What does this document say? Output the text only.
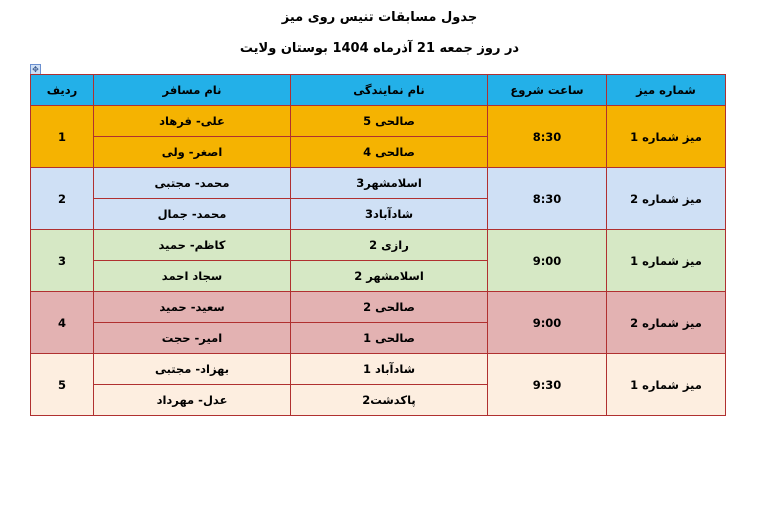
جدول مسابقات تنیس روی میز
در روز جمعه 21 آذرماه 1404 بوستان ولایت
✥
شماره میز	ساعت شروع	نام نمایندگی	نام مسافر	ردیف
میز شماره 1	8:30	صالحی 5	علی- فرهاد	1
		صالحی 4	اصغر- ولی	
میز شماره 2	8:30	اسلامشهر3	محمد- مجتبی	2
		شادآباد3	محمد- جمال	
میز شماره 1	9:00	رازی 2	کاظم- حمید	3
		اسلامشهر 2	سجاد احمد	
میز شماره 2	9:00	صالحی 2	سعید- حمید	4
		صالحی 1	امیر- حجت	
میز شماره 1	9:30	شادآباد 1	بهزاد- مجتبی	5
		پاکدشت2	عدل- مهرداد	
